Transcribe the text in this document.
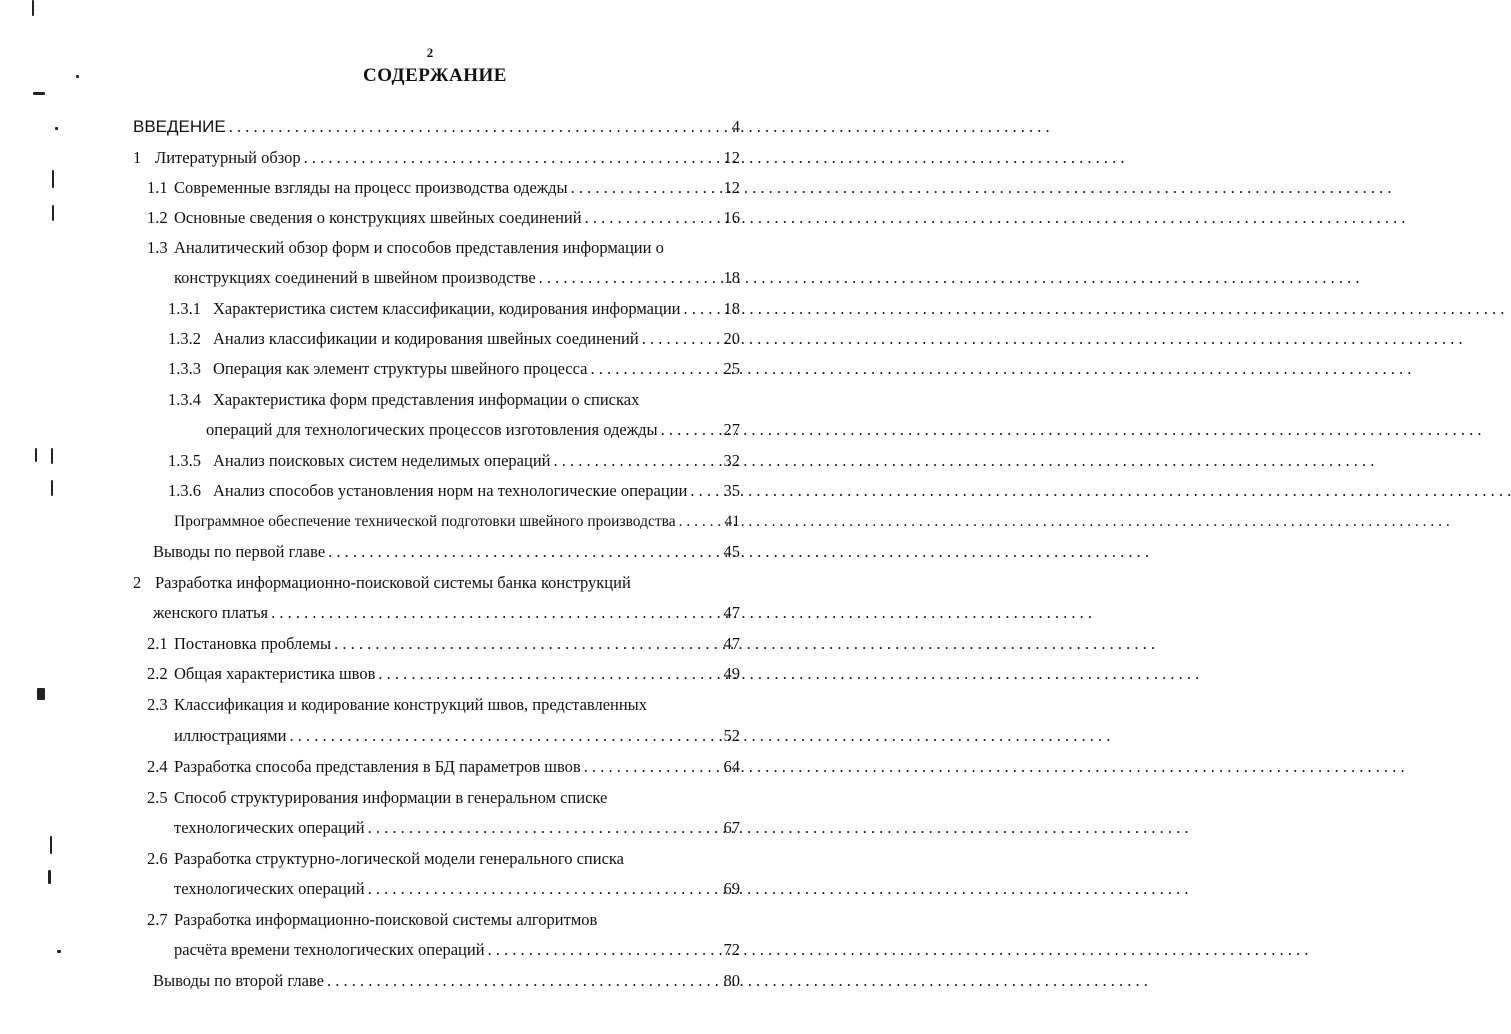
2
СОДЕРЖАНИЕ
ВВЕДЕНИЕ . . .	4
1 Литературный обзор . . .	12
1.1 Современные взгляды на процесс производства одежды . . .	12
1.2 Основные сведения о конструкциях швейных соединений . . .	16
1.3 Аналитический обзор форм и способов представления информации о
конструкциях соединений в швейном производстве . . .	18
1.3.1 Характеристика систем классификации, кодирования информации . . .	18
1.3.2 Анализ классификации и кодирования швейных соединений . . .	20
1.3.3 Операция как элемент структуры швейного процесса . . .	25
1.3.4 Характеристика форм представления информации о списках
операций для технологических процессов изготовления одежды . . .	27
1.3.5 Анализ поисковых систем неделимых операций . . .	32
1.3.6 Анализ способов установления норм на технологические операции . . . 35
Программное обеспечение технической подготовки швейного производства . . .	41
Выводы по первой главе . . .	45
2 Разработка информационно-поисковой системы банка конструкций
женского платья . . .	47
2.1 Постановка проблемы . . .	47
2.2 Общая характеристика швов . . .	49
2.3 Классификация и кодирование конструкций швов, представленных
иллюстрациями . . .	52
2.4 Разработка способа представления в БД параметров швов . . .	64
2.5 Способ структурирования информации в генеральном списке
технологических операций . . .	67
2.6 Разработка структурно-логической модели генерального списка
технологических операций . . .	69
2.7 Разработка информационно-поисковой системы алгоритмов
расчёта времени технологических операций . . .	72
Выводы по второй главе . . .	80
